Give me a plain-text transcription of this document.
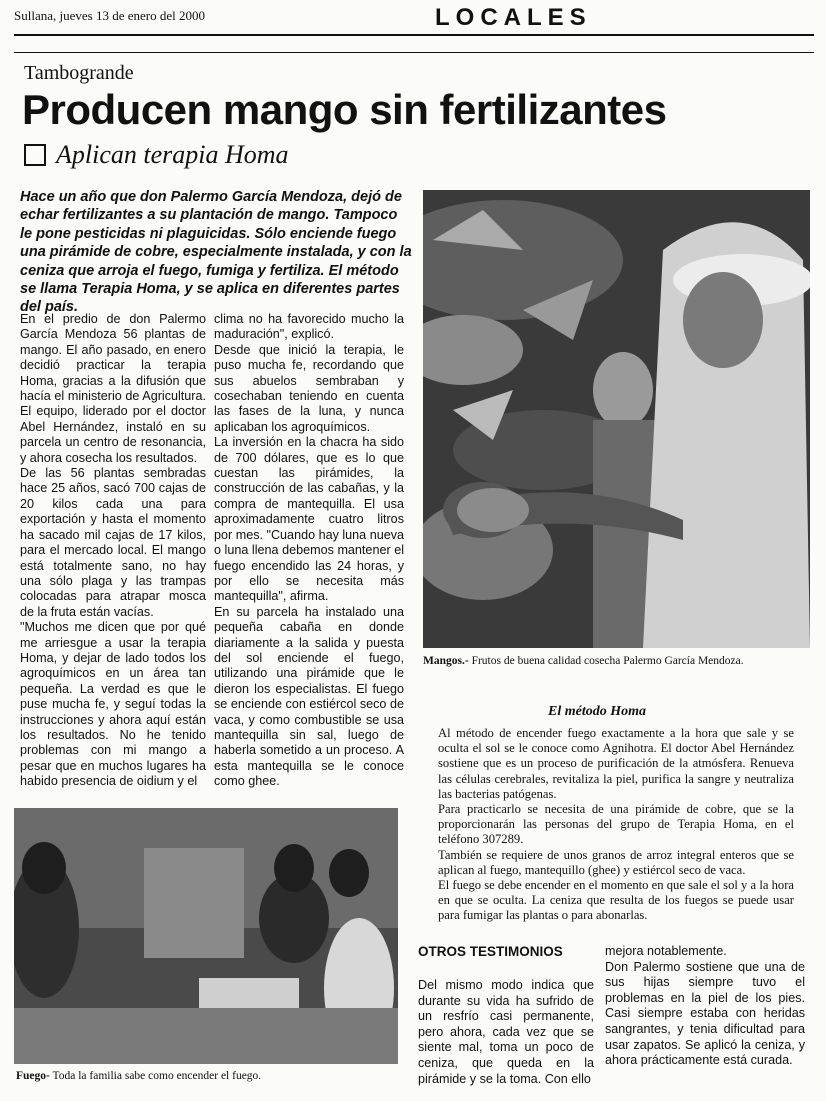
Sullana, jueves 13 de enero del 2000	LOCALES
Tambogrande
Producen mango sin fertilizantes
Aplican terapia Homa
Hace un año que don Palermo García Mendoza, dejó de echar fertilizantes a su plantación de mango. Tampoco le pone pesticidas ni plaguicidas. Sólo enciende fuego una pirámide de cobre, especialmente instalada, y con la ceniza que arroja el fuego, fumiga y fertiliza. El método se llama Terapia Homa, y se aplica en diferentes partes del país.

En el predio de don Palermo García Mendoza 56 plantas de mango. El año pasado, en enero decidió practicar la terapia Homa, gracias a la difusión que hacía el ministerio de Agricultura. El equipo, liderado por el doctor Abel Hernández, instaló en su parcela un centro de resonancia, y ahora cosecha los resultados.

De las 56 plantas sembradas hace 25 años, sacó 700 cajas de 20 kilos cada una para exportación y hasta el momento ha sacado mil cajas de 17 kilos, para el mercado local. El mango está totalmente sano, no hay una sólo plaga y las trampas colocadas para atrapar mosca de la fruta están vacías.

"Muchos me dicen que por qué me arriesgue a usar la terapia Homa, y dejar de lado todos los agroquímicos en un área tan pequeña. La verdad es que le puse mucha fe, y seguí todas la instrucciones y ahora aquí están los resultados. No he tenido problemas con mi mango a pesar que en muchos lugares ha habido presencia de oidium y el

clima no ha favorecido mucho la maduración", explicó.

Desde que inició la terapia, le puso mucha fe, recordando que sus abuelos sembraban y cosechaban teniendo en cuenta las fases de la luna, y nunca aplicaban los agroquímicos.

La inversión en la chacra ha sido de 700 dólares, que es lo que cuestan las pirámides, la construcción de las cabañas, y la compra de mantequilla. El usa aproximadamente cuatro litros por mes. "Cuando hay luna nueva o luna llena debemos mantener el fuego encendido las 24 horas, y por ello se necesita más mantequilla", afirma.

En su parcela ha instalado una pequeña cabaña en donde diariamente a la salida y puesta del sol enciende el fuego, utilizando una pirámide que le dieron los especialistas. El fuego se enciende con estiércol seco de vaca, y como combustible se usa mantequilla sin sal, luego de haberla sometido a un proceso. A esta mantequilla se le conoce como ghee.

Mangos.- Frutos de buena calidad cosecha Palermo García Mendoza.
El método Homa

Al método de encender fuego exactamente a la hora que sale y se oculta el sol se le conoce como Agnihotra. El doctor Abel Hernández sostiene que es un proceso de purificación de la atmósfera. Renueva las células cerebrales, revitaliza la piel, purifica la sangre y neutraliza las bacterias patógenas.

Para practicarlo se necesita de una pirámide de cobre, que se la proporcionarán las personas del grupo de Terapia Homa, en el teléfono 307289.

También se requiere de unos granos de arroz integral enteros que se aplican al fuego, mantequillo (ghee) y estiércol seco de vaca.

El fuego se debe encender en el momento en que sale el sol y a la hora en que se oculta. La ceniza que resulta de los fuegos se puede usar para fumigar las plantas o para abonarlas.

Fuego- Toda la familia sabe como encender el fuego.
OTROS TESTIMONIOS

Del mismo modo indica que durante su vida ha sufrido de un resfrío casi permanente, pero ahora, cada vez que se siente mal, toma un poco de ceniza, que queda en la pirámide y se la toma. Con ello

mejora notablemente.

Don Palermo sostiene que una de sus hijas siempre tuvo el problemas en la piel de los pies. Casi siempre estaba con heridas sangrantes, y tenia dificultad para usar zapatos. Se aplicó la ceniza, y ahora prácticamente está curada.
